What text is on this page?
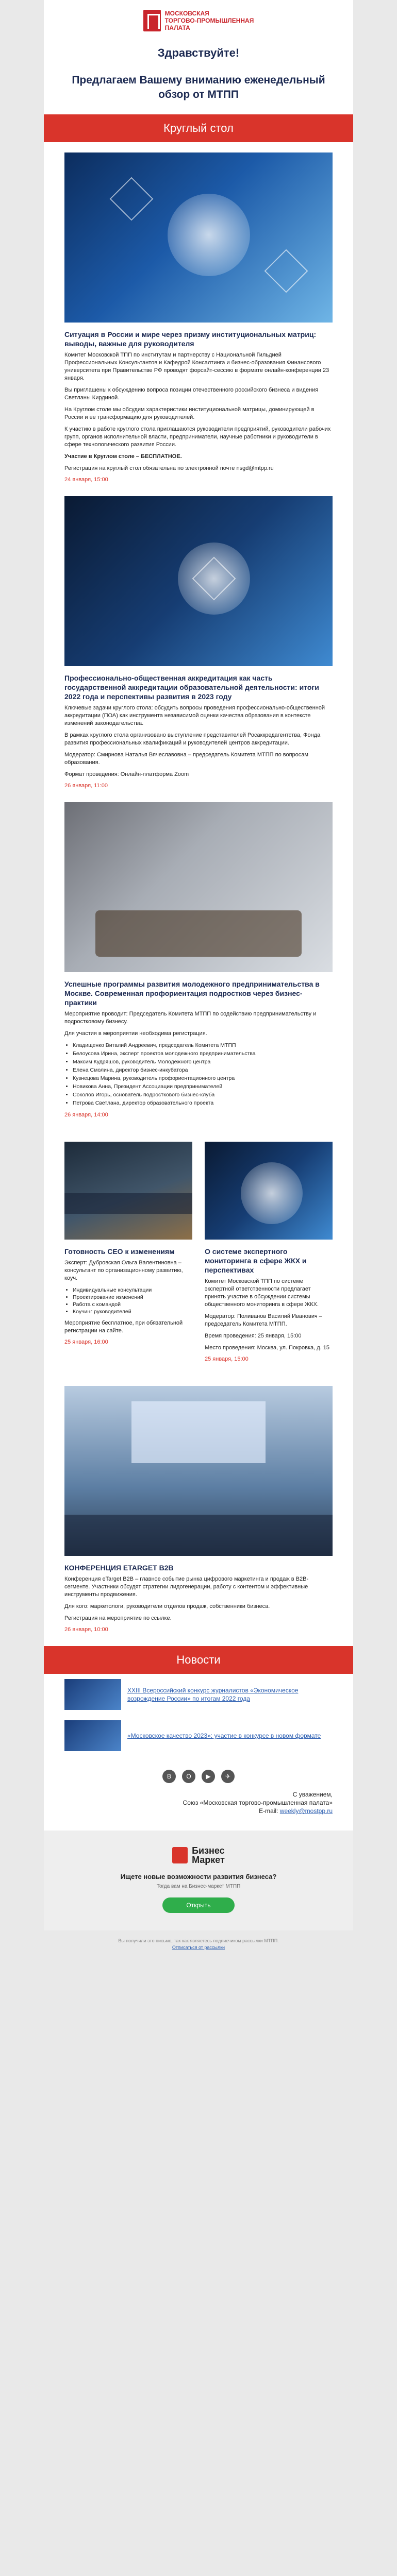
МОСКОВСКАЯ
ТОРГОВО-ПРОМЫШЛЕННАЯ
ПАЛАТА
Здравствуйте!
Предлагаем Вашему вниманию еженедельный обзор от МТПП
Круглый стол
Ситуация в России и мире через призму институциональных матриц: выводы, важные для руководителя
Комитет Московской ТПП по институтам и партнерству с Национальной Гильдией Профессиональных Консультантов и Кафедрой Консалтинга и бизнес-образования Финансового университета при Правительстве РФ проводят форсайт-сессию в формате онлайн-конференции 23 января.
Вы приглашены к обсуждению вопроса позиции отечественного российского бизнеса и видения Светланы Кирдиной.
На Круглом столе мы обсудим характеристики институциональной матрицы, доминирующей в России и ее трансформацию для руководителей.
К участию в работе круглого стола приглашаются руководители предприятий, руководители рабочих групп, органов исполнительной власти, предприниматели, научные работники и руководители в сфере технологического развития России.
Участие в Круглом столе – БЕСПЛАТНОЕ.
Регистрация на круглый стол обязательна по электронной почте nsgd@mtpp.ru
24 января, 15:00
Профессионально-общественная аккредитация как часть государственной аккредитации образовательной деятельности: итоги 2022 года и перспективы развития в 2023 году
Ключевые задачи круглого стола: обсудить вопросы проведения профессионально-общественной аккредитации (ПОА) как инструмента независимой оценки качества образования в контексте изменений законодательства.
В рамках круглого стола организовано выступление представителей Росаккредагентства, Фонда развития профессиональных квалификаций и руководителей центров аккредитации.
Модератор: Смирнова Наталья Вячеславовна – председатель Комитета МТПП по вопросам образования.
Формат проведения: Онлайн-платформа Zoom
26 января, 11:00
Успешные программы развития молодежного предпринимательства в Москве. Современная профориентация подростков через бизнес-практики
Мероприятие проводит: Председатель Комитета МТПП по содействию предпринимательству и подростковому бизнесу.
Для участия в мероприятии необходима регистрация.
• Кладищенко Виталий Андреевич, председатель Комитета МТПП
• Белоусова Ирина, эксперт проектов молодежного предпринимательства
• Максим Кудряшов, руководитель Молодежного центра
• Елена Смолина, директор бизнес-инкубатора
• Кузнецова Марина, руководитель профориентационного центра
• Новикова Анна, Президент Ассоциации предпринимателей
• Соколов Игорь, основатель подросткового бизнес-клуба
• Петрова Светлана, директор образовательного проекта
26 января, 14:00
Готовность СЕО к изменениям
Эксперт: Дубровская Ольга Валентиновна – консультант по организационному развитию, коуч.
• Индивидуальные консультации
• Проектирование изменений
• Работа с командой
• Коучинг руководителей
Мероприятие бесплатное, при обязательной регистрации на сайте.
25 января, 16:00
О системе экспертного мониторинга в сфере ЖКХ и перспективах
Комитет Московской ТПП по системе экспертной ответственности предлагает принять участие в обсуждении системы общественного мониторинга в сфере ЖКХ.
Модератор: Поливанов Василий Иванович – председатель Комитета МТПП.
Время проведения: 25 января, 15:00
Место проведения: Москва, ул. Покровка, д. 15
25 января, 15:00
КОНФЕРЕНЦИЯ ETARGET B2B
Конференция eTarget B2B – главное событие рынка цифрового маркетинга и продаж в B2B-сегменте. Участники обсудят стратегии лидогенерации, работу с контентом и эффективные инструменты продвижения.
Для кого: маркетологи, руководители отделов продаж, собственники бизнеса.
Регистрация на мероприятие по ссылке.
26 января, 10:00
Новости
XXIII Всероссийский конкурс журналистов «Экономическое возрождение России» по итогам 2022 года
«Московское качество 2023»: участие в конкурсе в новом формате
В	О	▶	✈
С уважением,
Союз «Московская торгово-промышленная палата»
E-mail: weekly@mostpp.ru
Бизнес
Маркет
Ищете новые возможности развития бизнеса?
Тогда вам на Бизнес-маркет МТПП
Открыть
Вы получили это письмо, так как являетесь подписчиком рассылки МТПП.
Отписаться от рассылки
